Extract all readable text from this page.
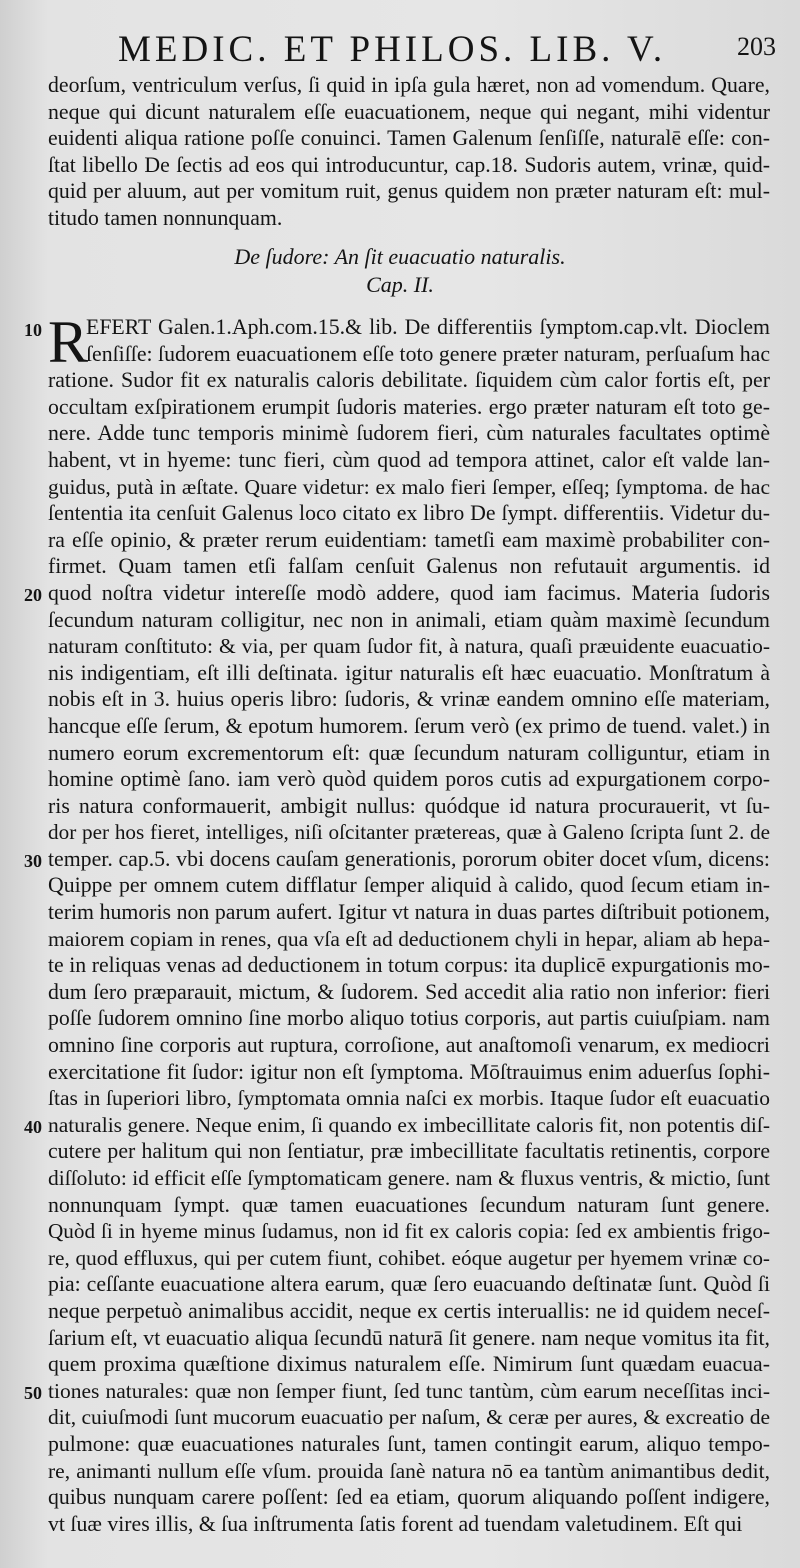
MEDIC. ET PHILOS. LIB. V.	203
deorſum, ventriculum verſus, ſi quid in ipſa gula hæret, non ad vomendum. Quare,
neque qui dicunt naturalem eſſe euacuationem, neque qui negant, mihi videntur
euidenti aliqua ratione poſſe conuinci. Tamen Galenum ſenſiſſe, naturalē eſſe: con-
ſtat libello De ſectis ad eos qui introducuntur, cap.18. Sudoris autem, vrinæ, quid-
quid per aluum, aut per vomitum ruit, genus quidem non præter naturam eſt: mul-
titudo tamen nonnunquam.
De ſudore: An ſit euacuatio naturalis.
Cap. II.
10
20
30
40
50
R
EFERT Galen.1.Aph.com.15.& lib. De differentiis ſymptom.cap.vlt. Dioclem
ſenſiſſe: ſudorem euacuationem eſſe toto genere præter naturam, perſuaſum hac
ratione. Sudor fit ex naturalis caloris debilitate. ſiquidem cùm calor fortis eſt, per
occultam exſpirationem erumpit ſudoris materies. ergo præter naturam eſt toto ge-
nere. Adde tunc temporis minimè ſudorem fieri, cùm naturales facultates optimè
habent, vt in hyeme: tunc fieri, cùm quod ad tempora attinet, calor eſt valde lan-
guidus, putà in æſtate. Quare videtur: ex malo fieri ſemper, eſſeq; ſymptoma. de hac
ſententia ita cenſuit Galenus loco citato ex libro De ſympt. differentiis. Videtur du-
ra eſſe opinio, & præter rerum euidentiam: tametſi eam maximè probabiliter con-
firmet. Quam tamen etſi falſam cenſuit Galenus non refutauit argumentis. id
quod noſtra videtur intereſſe modò addere, quod iam facimus. Materia ſudoris
ſecundum naturam colligitur, nec non in animali, etiam quàm maximè ſecundum
naturam conſtituto: & via, per quam ſudor fit, à natura, quaſi præuidente euacuatio-
nis indigentiam, eſt illi deſtinata. igitur naturalis eſt hæc euacuatio. Monſtratum à
nobis eſt in 3. huius operis libro: ſudoris, & vrinæ eandem omnino eſſe materiam,
hancque eſſe ſerum, & epotum humorem. ſerum verò (ex primo de tuend. valet.) in
numero eorum excrementorum eſt: quæ ſecundum naturam colliguntur, etiam in
homine optimè ſano. iam verò quòd quidem poros cutis ad expurgationem corpo-
ris natura conformauerit, ambigit nullus: quódque id natura procurauerit, vt ſu-
dor per hos fieret, intelliges, niſi oſcitanter prætereas, quæ à Galeno ſcripta ſunt 2. de
temper. cap.5. vbi docens cauſam generationis, pororum obiter docet vſum, dicens:
Quippe per omnem cutem difflatur ſemper aliquid à calido, quod ſecum etiam in-
terim humoris non parum aufert. Igitur vt natura in duas partes diſtribuit potionem,
maiorem copiam in renes, qua vſa eſt ad deductionem chyli in hepar, aliam ab hepa-
te in reliquas venas ad deductionem in totum corpus: ita duplicē expurgationis mo-
dum ſero præparauit, mictum, & ſudorem. Sed accedit alia ratio non inferior: fieri
poſſe ſudorem omnino ſine morbo aliquo totius corporis, aut partis cuiuſpiam. nam
omnino ſine corporis aut ruptura, corroſione, aut anaſtomoſi venarum, ex mediocri
exercitatione fit ſudor: igitur non eſt ſymptoma. Mōſtrauimus enim aduerſus ſophi-
ſtas in ſuperiori libro, ſymptomata omnia naſci ex morbis. Itaque ſudor eſt euacuatio
naturalis genere. Neque enim, ſi quando ex imbecillitate caloris fit, non potentis diſ-
cutere per halitum qui non ſentiatur, præ imbecillitate facultatis retinentis, corpore
diſſoluto: id efficit eſſe ſymptomaticam genere. nam & fluxus ventris, & mictio, ſunt
nonnunquam ſympt. quæ tamen euacuationes ſecundum naturam ſunt genere.
Quòd ſi in hyeme minus ſudamus, non id fit ex caloris copia: ſed ex ambientis frigo-
re, quod effluxus, qui per cutem fiunt, cohibet. eóque augetur per hyemem vrinæ co-
pia: ceſſante euacuatione altera earum, quæ ſero euacuando deſtinatæ ſunt. Quòd ſi
neque perpetuò animalibus accidit, neque ex certis interuallis: ne id quidem neceſ-
ſarium eſt, vt euacuatio aliqua ſecundū naturā ſit genere. nam neque vomitus ita fit,
quem proxima quæſtione diximus naturalem eſſe. Nimirum ſunt quædam euacua-
tiones naturales: quæ non ſemper fiunt, ſed tunc tantùm, cùm earum neceſſitas inci-
dit, cuiuſmodi ſunt mucorum euacuatio per naſum, & ceræ per aures, & excreatio de
pulmone: quæ euacuationes naturales ſunt, tamen contingit earum, aliquo tempo-
re, animanti nullum eſſe vſum. prouida ſanè natura nō ea tantùm animantibus dedit,
quibus nunquam carere poſſent: ſed ea etiam, quorum aliquando poſſent indigere,
vt ſuæ vires illis, & ſua inſtrumenta ſatis forent ad tuendam valetudinem. Eſt qui
